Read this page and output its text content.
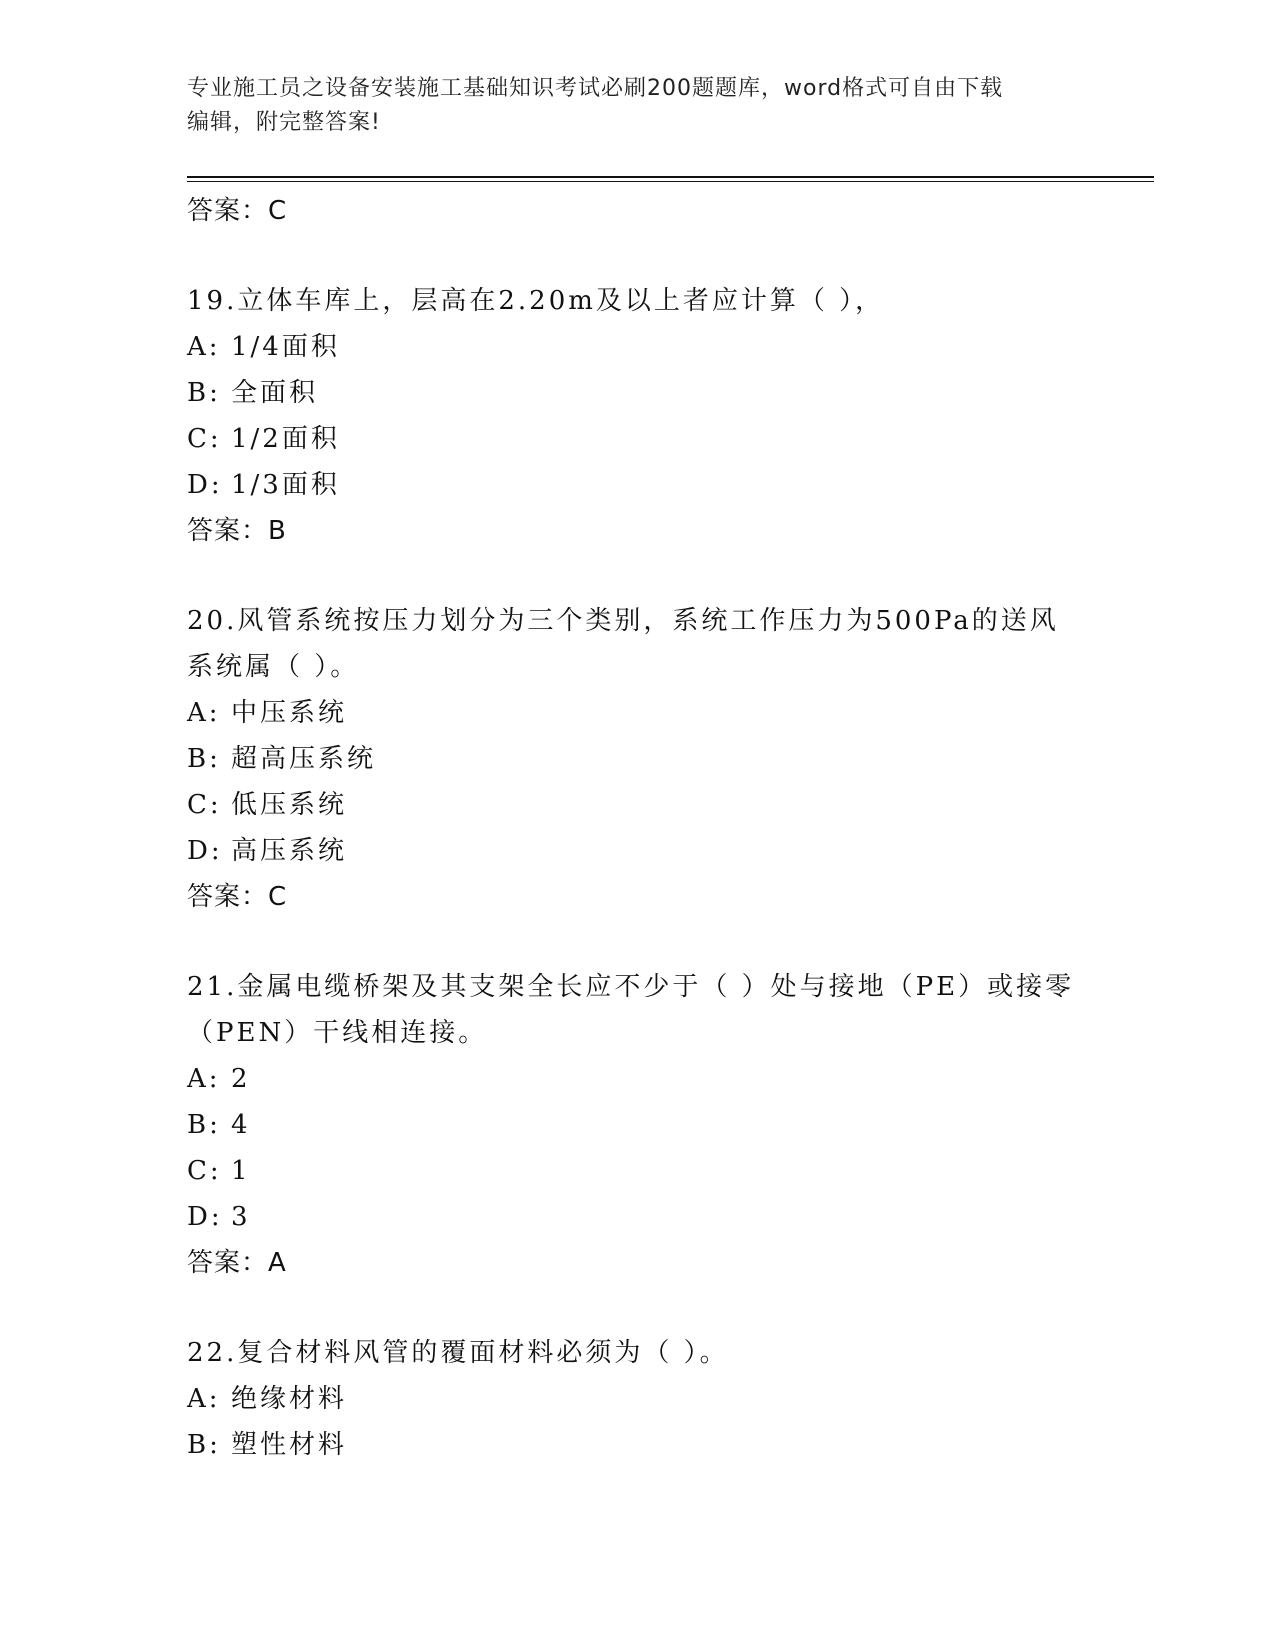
专业施工员之设备安装施工基础知识考试必刷200题题库，word格式可自由下载
编辑，附完整答案!
答案：C
19.立体车库上，层高在2.20m及以上者应计算（ ），
A: 1/4面积
B: 全面积
C: 1/2面积
D: 1/3面积
答案：B
20.风管系统按压力划分为三个类别，系统工作压力为500Pa的送风系统属（ ）。
A: 中压系统
B: 超高压系统
C: 低压系统
D: 高压系统
答案：C
21.金属电缆桥架及其支架全长应不少于（ ）处与接地（PE）或接零（PEN）干线相连接。
A: 2
B: 4
C: 1
D: 3
答案：A
22.复合材料风管的覆面材料必须为（ ）。
A: 绝缘材料
B: 塑性材料
